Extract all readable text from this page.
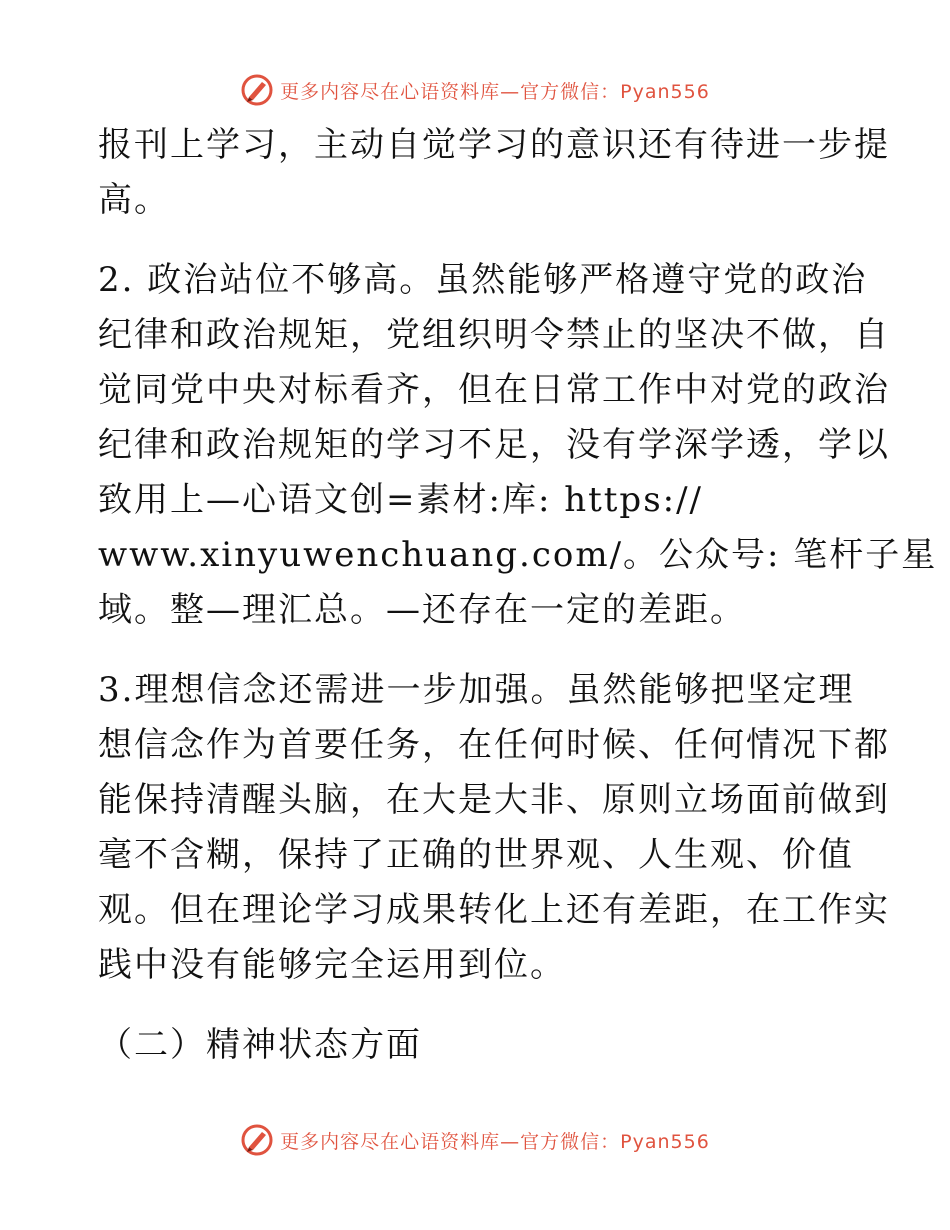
更多内容尽在心语资料库—官方微信：Pyan556
报刊上学习，主动自觉学习的意识还有待进一步提
高。
2. 政治站位不够高。虽然能够严格遵守党的政治
纪律和政治规矩，党组织明令禁止的坚决不做，自
觉同党中央对标看齐，但在日常工作中对党的政治
纪律和政治规矩的学习不足，没有学深学透，学以
致用上—心语文创=素材:库: https://
www.xinyuwenchuang.com/。公众号: 笔杆子星
域。整—理汇总。—还存在一定的差距。
3.理想信念还需进一步加强。虽然能够把坚定理
想信念作为首要任务，在任何时候、任何情况下都
能保持清醒头脑，在大是大非、原则立场面前做到
毫不含糊，保持了正确的世界观、人生观、价值
观。但在理论学习成果转化上还有差距，在工作实
践中没有能够完全运用到位。
（二）精神状态方面
更多内容尽在心语资料库—官方微信：Pyan556
